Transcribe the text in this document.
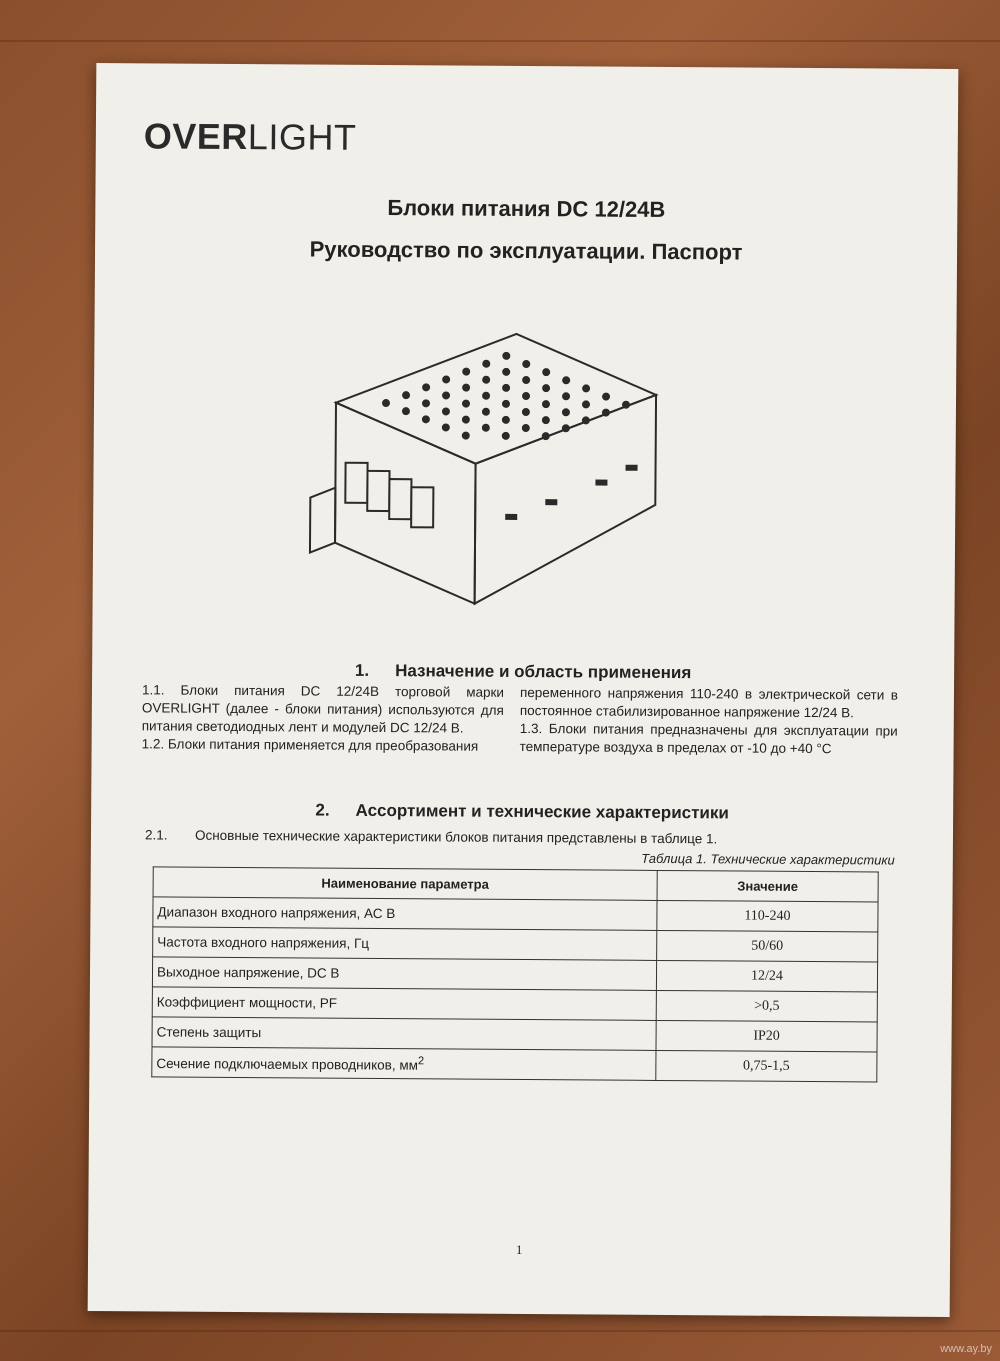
OVERLIGHT
Блоки питания DC 12/24В
Руководство по эксплуатации. Паспорт
1. Назначение и область применения

1.1. Блоки питания DC 12/24В торговой марки OVERLIGHT (далее - блоки питания) используются для питания светодиодных лент и модулей DC 12/24 В.

1.2. Блоки питания применяется для преобразования

переменного напряжения 110-240 в электрической сети в постоянное стабилизированное напряжение 12/24 В.

1.3. Блоки питания предназначены для эксплуатации при температуре воздуха в пределах от -10 до +40 °С

2. Ассортимент и технические характеристики
2.1. Основные технические характеристики блоков питания представлены в таблице 1.
Таблица 1. Технические характеристики
Наименование параметра	Значение
Диапазон входного напряжения, АС В	110-240
Частота входного напряжения, Гц	50/60
Выходное напряжение, DC В	12/24
Коэффициент мощности, PF	>0,5
Степень защиты	IP20
Сечение подключаемых проводников, $мм^2$	0,75-1,5
1
www.ay.by
